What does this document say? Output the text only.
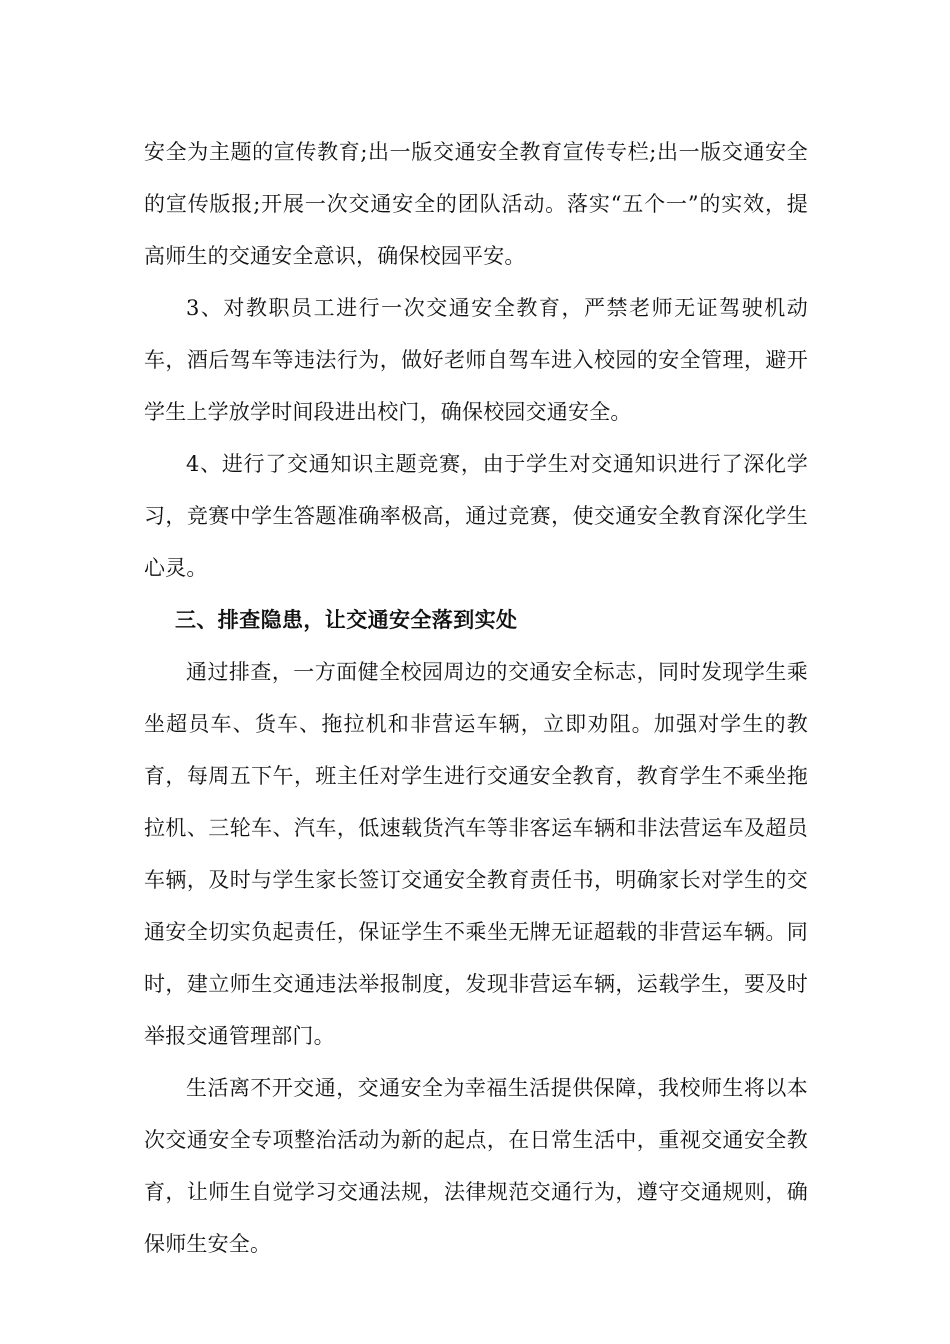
安全为主题的宣传教育;出一版交通安全教育宣传专栏;出一版交通安全的宣传版报;开展一次交通安全的团队活动。落实“五个一”的实效，提高师生的交通安全意识，确保校园平安。

3、对教职员工进行一次交通安全教育，严禁老师无证驾驶机动车，酒后驾车等违法行为，做好老师自驾车进入校园的安全管理，避开学生上学放学时间段进出校门，确保校园交通安全。

4、进行了交通知识主题竞赛，由于学生对交通知识进行了深化学习，竞赛中学生答题准确率极高，通过竞赛，使交通安全教育深化学生心灵。

三、排查隐患，让交通安全落到实处

通过排查，一方面健全校园周边的交通安全标志，同时发现学生乘坐超员车、货车、拖拉机和非营运车辆，立即劝阻。加强对学生的教育，每周五下午，班主任对学生进行交通安全教育，教育学生不乘坐拖拉机、三轮车、汽车，低速载货汽车等非客运车辆和非法营运车及超员车辆，及时与学生家长签订交通安全教育责任书，明确家长对学生的交通安全切实负起责任，保证学生不乘坐无牌无证超载的非营运车辆。同时，建立师生交通违法举报制度，发现非营运车辆，运载学生，要及时举报交通管理部门。

生活离不开交通，交通安全为幸福生活提供保障，我校师生将以本次交通安全专项整治活动为新的起点，在日常生活中，重视交通安全教育，让师生自觉学习交通法规，法律规范交通行为，遵守交通规则，确保师生安全。
